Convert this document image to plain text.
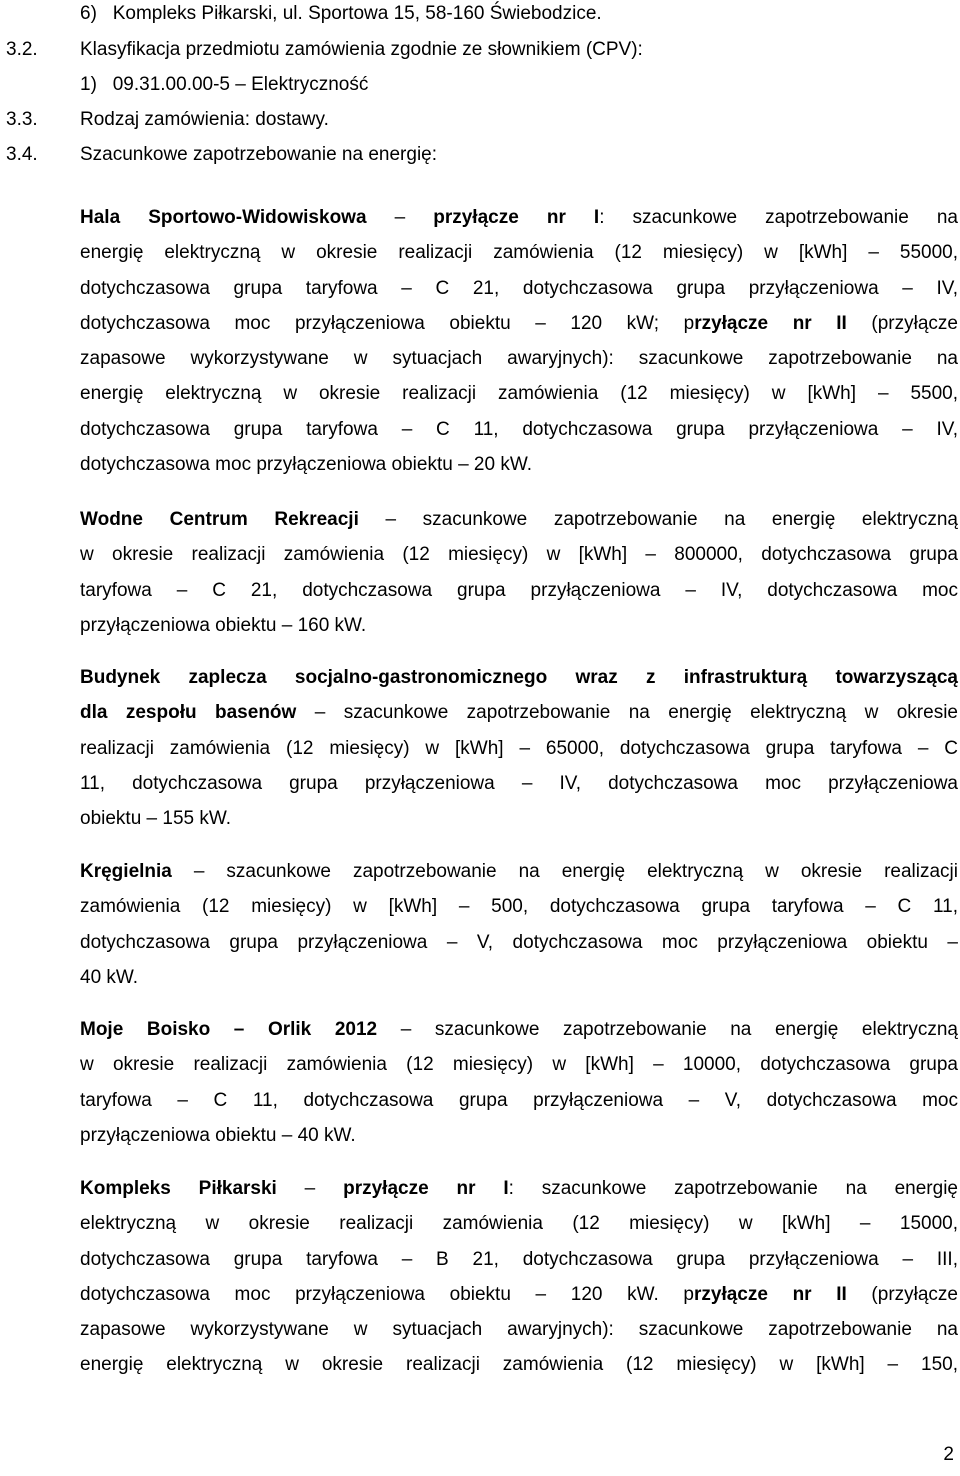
6)   Kompleks Piłkarski, ul. Sportowa 15, 58-160 Świebodzice.
3.2. Klasyfikacja przedmiotu zamówienia zgodnie ze słownikiem (CPV):
1)   09.31.00.00-5 – Elektryczność
3.3. Rodzaj zamówienia: dostawy.
3.4. Szacunkowe zapotrzebowanie na energię:
Hala Sportowo-Widowiskowa – przyłącze nr I: szacunkowe zapotrzebowanie na
energię elektryczną w okresie realizacji zamówienia (12 miesięcy) w [kWh] – 55000,
dotychczasowa grupa taryfowa – C 21, dotychczasowa grupa przyłączeniowa – IV,
dotychczasowa moc przyłączeniowa obiektu – 120 kW; przyłącze nr II (przyłącze
zapasowe wykorzystywane w sytuacjach awaryjnych): szacunkowe zapotrzebowanie na
energię elektryczną w okresie realizacji zamówienia (12 miesięcy) w [kWh] – 5500,
dotychczasowa grupa taryfowa – C 11, dotychczasowa grupa przyłączeniowa – IV,
dotychczasowa moc przyłączeniowa obiektu – 20 kW.
Wodne Centrum Rekreacji – szacunkowe zapotrzebowanie na energię elektryczną
w okresie realizacji zamówienia (12 miesięcy) w [kWh] – 800000, dotychczasowa grupa
taryfowa – C 21, dotychczasowa grupa przyłączeniowa – IV, dotychczasowa moc
przyłączeniowa obiektu – 160 kW.
Budynek zaplecza socjalno-gastronomicznego wraz z infrastrukturą towarzyszącą
dla zespołu basenów – szacunkowe zapotrzebowanie na energię elektryczną w okresie
realizacji zamówienia (12 miesięcy) w [kWh] – 65000, dotychczasowa grupa taryfowa – C
11, dotychczasowa grupa przyłączeniowa – IV, dotychczasowa moc przyłączeniowa
obiektu – 155 kW.
Kręgielnia – szacunkowe zapotrzebowanie na energię elektryczną w okresie realizacji
zamówienia (12 miesięcy) w [kWh] – 500, dotychczasowa grupa taryfowa – C 11,
dotychczasowa grupa przyłączeniowa – V, dotychczasowa moc przyłączeniowa obiektu –
40 kW.
Moje Boisko – Orlik 2012 – szacunkowe zapotrzebowanie na energię elektryczną
w okresie realizacji zamówienia (12 miesięcy) w [kWh] – 10000, dotychczasowa grupa
taryfowa – C 11, dotychczasowa grupa przyłączeniowa – V, dotychczasowa moc
przyłączeniowa obiektu – 40 kW.
Kompleks Piłkarski – przyłącze nr I: szacunkowe zapotrzebowanie na energię
elektryczną w okresie realizacji zamówienia (12 miesięcy) w [kWh] – 15000,
dotychczasowa grupa taryfowa – B 21, dotychczasowa grupa przyłączeniowa – III,
dotychczasowa moc przyłączeniowa obiektu – 120 kW. przyłącze nr II (przyłącze
zapasowe wykorzystywane w sytuacjach awaryjnych): szacunkowe zapotrzebowanie na
energię elektryczną w okresie realizacji zamówienia (12 miesięcy) w [kWh] – 150,
2
